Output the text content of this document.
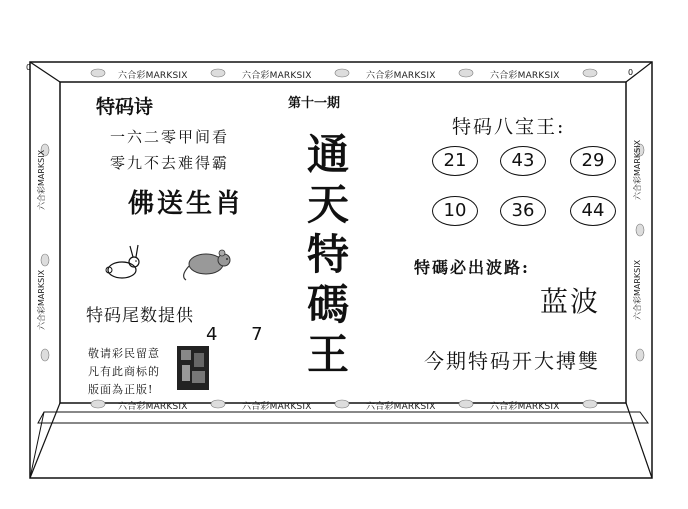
0
0
六合彩MARKSIX	六合彩MARKSIX	六合彩MARKSIX	六合彩MARKSIX
六合彩MARKSIX	六合彩MARKSIX	六合彩MARKSIX	六合彩MARKSIX
六合彩MARKSIX
六合彩MARKSIX
六合彩MARKSIX
六合彩MARKSIX
特码诗
一六二零甲间看
零九不去难得霸
佛送生肖
特码尾数提供
4 7
敬请彩民留意
凡有此商标的
版面為正版!
第十一期
通
天
特
碼
王
特码八宝王:
21	43	29
10	36	44
特碼必出波路:
蓝波
今期特码开大搏雙
